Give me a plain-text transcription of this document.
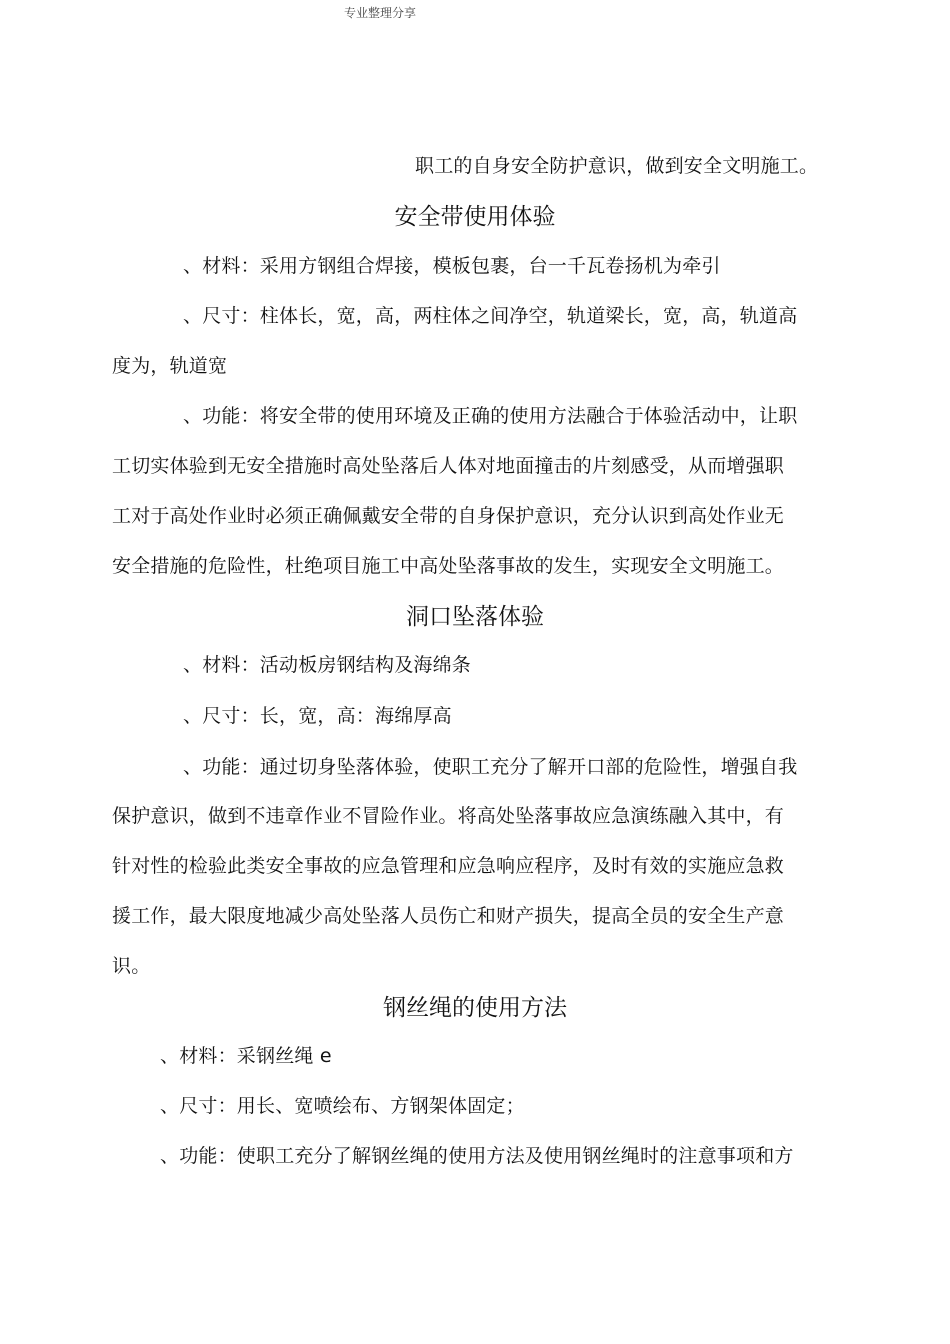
专业整理分享
职工的自身安全防护意识，做到安全文明施工。
安全带使用体验
、材料：采用方钢组合焊接，模板包裹，台一千瓦卷扬机为牵引
、尺寸：柱体长，宽，高，两柱体之间净空，轨道梁长，宽，高，轨道高
度为，轨道宽
、功能：将安全带的使用环境及正确的使用方法融合于体验活动中，让职
工切实体验到无安全措施时高处坠落后人体对地面撞击的片刻感受，从而增强职
工对于高处作业时必须正确佩戴安全带的自身保护意识，充分认识到高处作业无
安全措施的危险性，杜绝项目施工中高处坠落事故的发生，实现安全文明施工。
洞口坠落体验
、材料：活动板房钢结构及海绵条
、尺寸：长，宽，高：海绵厚高
、功能：通过切身坠落体验，使职工充分了解开口部的危险性，增强自我
保护意识，做到不违章作业不冒险作业。将高处坠落事故应急演练融入其中，有
针对性的检验此类安全事故的应急管理和应急响应程序，及时有效的实施应急救
援工作，最大限度地减少高处坠落人员伤亡和财产损失，提高全员的安全生产意
识。
钢丝绳的使用方法
、材料：采钢丝绳 e
、尺寸：用长、宽喷绘布、方钢架体固定；
、功能：使职工充分了解钢丝绳的使用方法及使用钢丝绳时的注意事项和方
